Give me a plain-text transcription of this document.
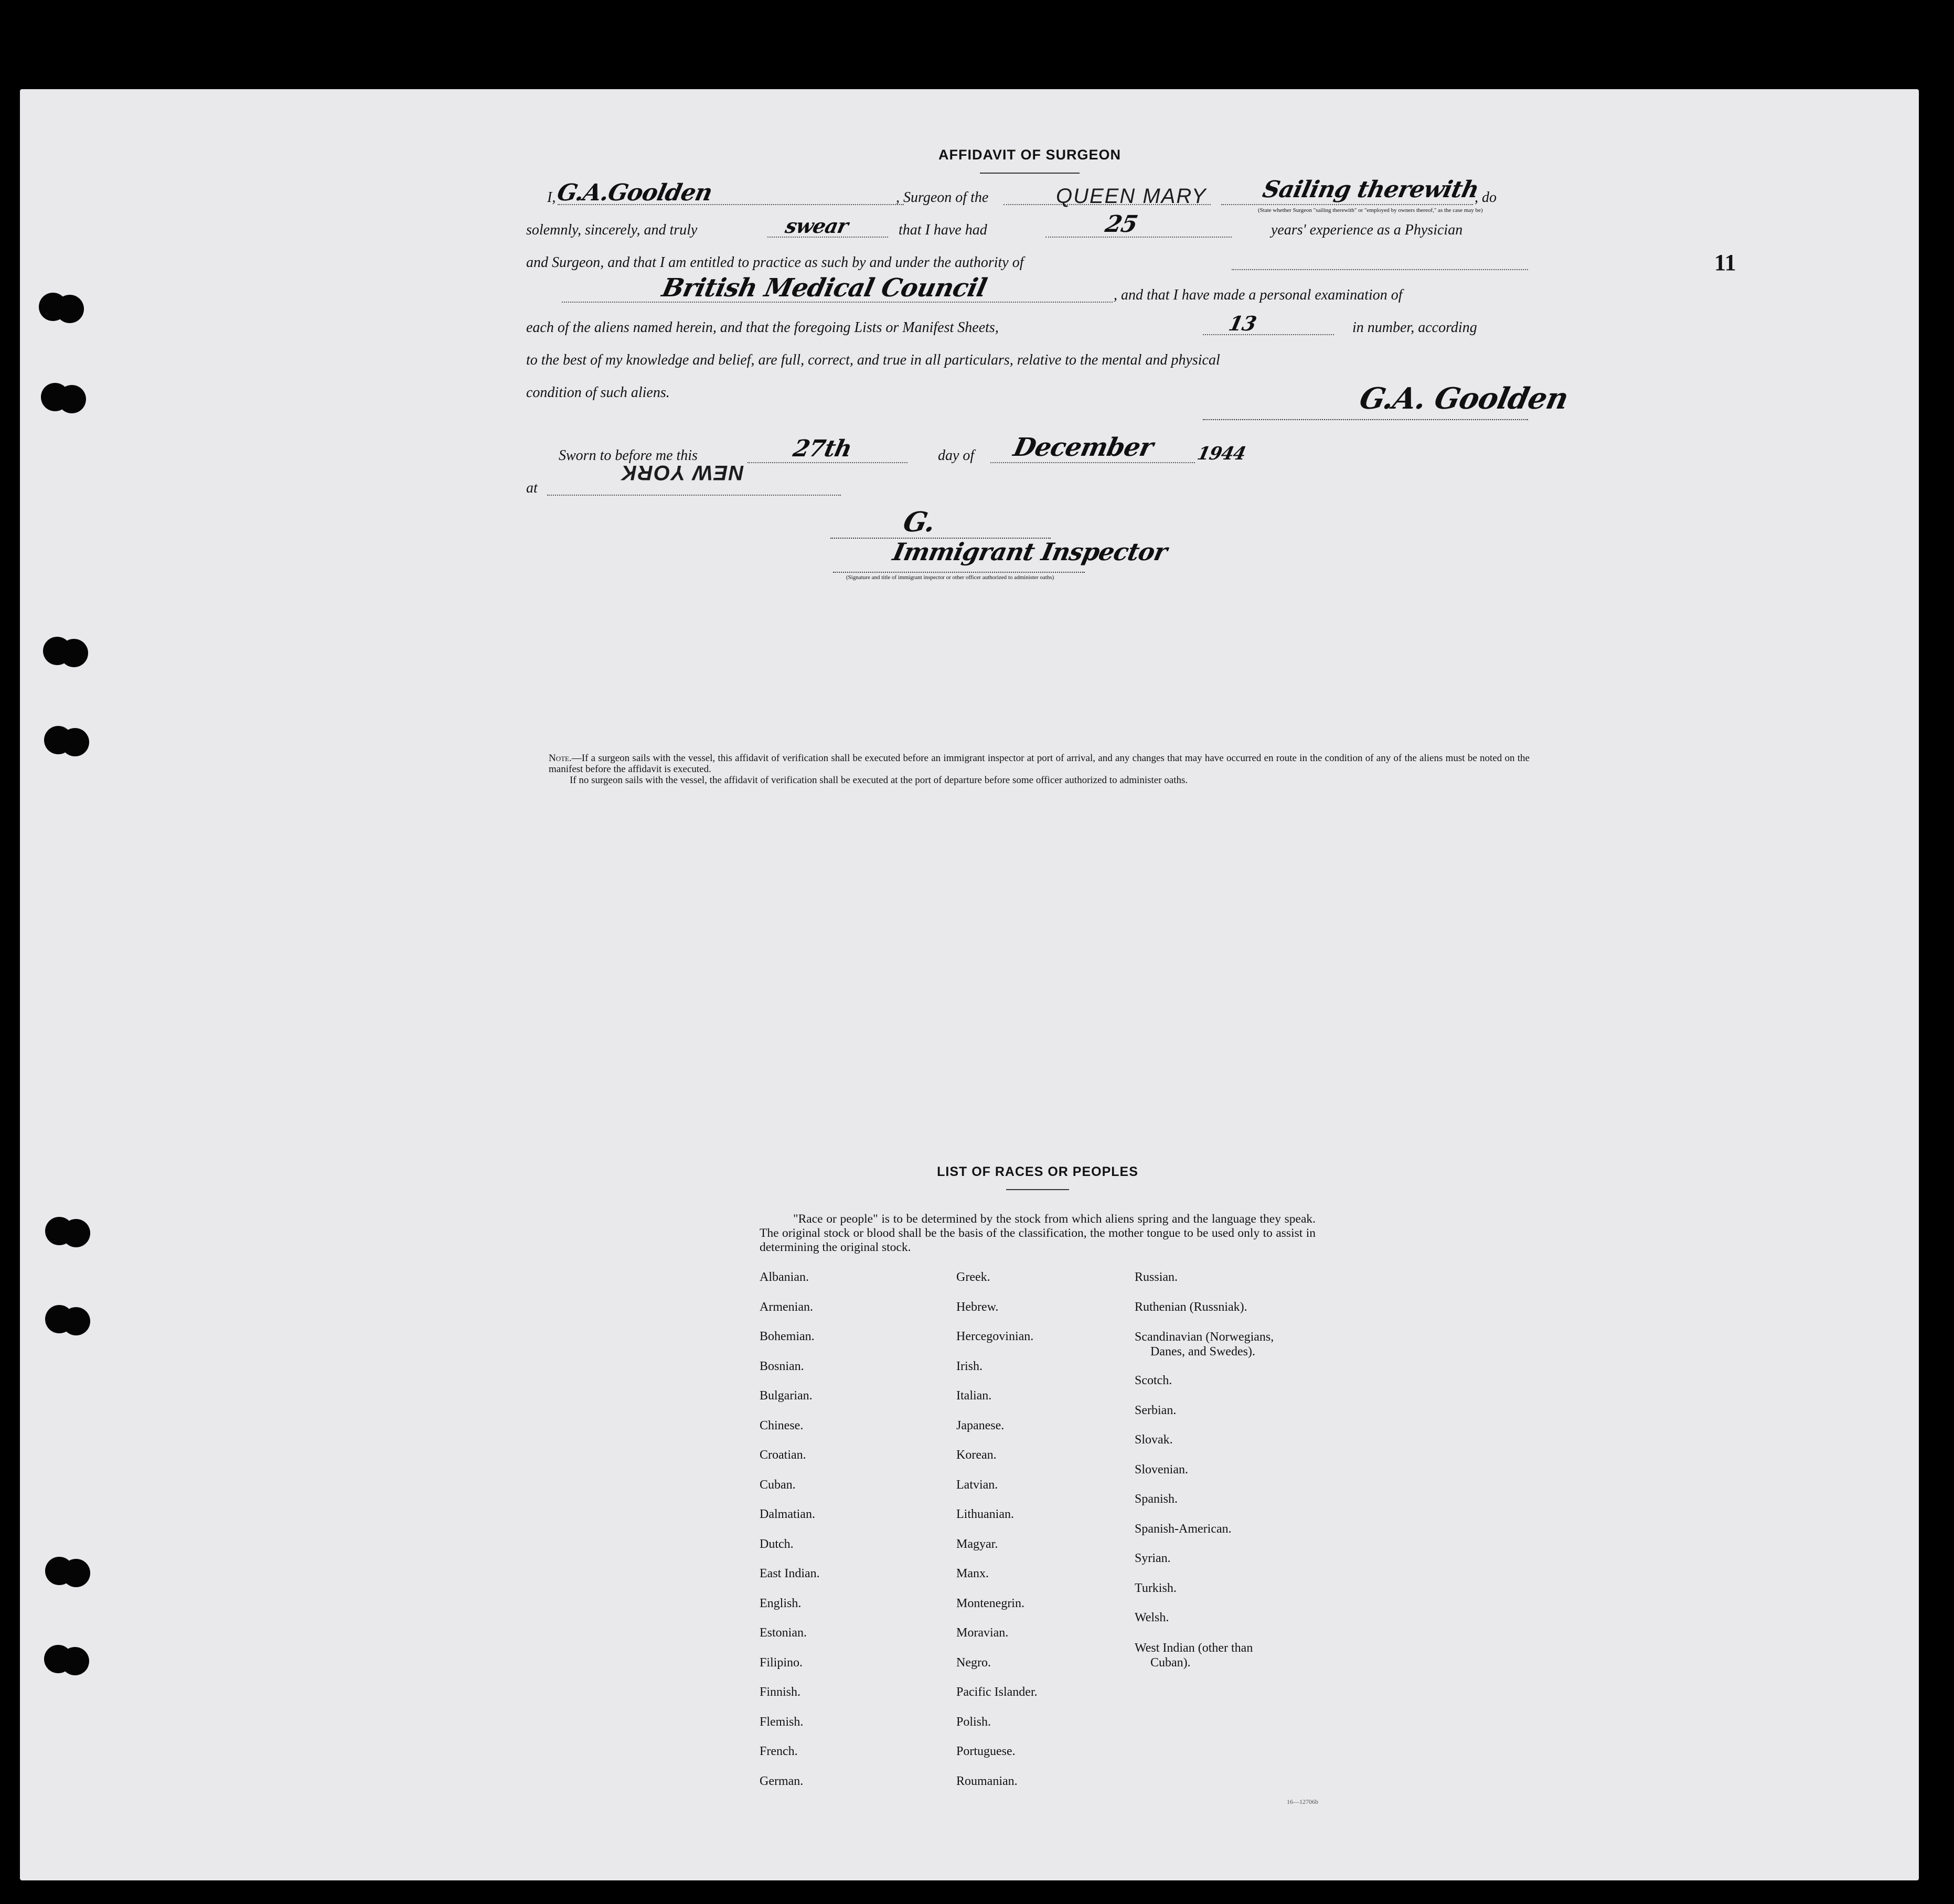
11
AFFIDAVIT OF SURGEON
I,
G.A.Goolden	, Surgeon of the	QUEEN MARY Sailing therewith
, do
(State whether Surgeon "sailing therewith" or "employed by owners thereof," as the case may be)
solemnly, sincerely, and truly	swear	that I have had	25	years' experience as a Physician
and Surgeon, and that I am entitled to practice as such by and under the authority of
British Medical Council	, and that I have made a personal examination of
each of the aliens named herein, and that the foregoing Lists or Manifest Sheets,	13	in number, according
to the best of my knowledge and belief, are full, correct, and true in all particulars, relative to the mental and physical
condition of such aliens.	G.A. Goolden
Sworn to before me this	27th	day of December 1944
at
NEW YORK
G.
Immigrant Inspector
(Signature and title of immigrant inspector or other officer authorized to administer oaths)
Note.—If a surgeon sails with the vessel, this affidavit of verification shall be executed before an immigrant inspector at port of arrival, and any changes that may have occurred en route in the condition of any of the aliens must be noted on the manifest before the affidavit is executed.
If no surgeon sails with the vessel, the affidavit of verification shall be executed at the port of departure before some officer authorized to administer oaths.
LIST OF RACES OR PEOPLES
"Race or people" is to be determined by the stock from which aliens spring and the language they speak. The original stock or blood shall be the basis of the classification, the mother tongue to be used only to assist in determining the original stock.
Albanian.
Armenian.
Bohemian.
Bosnian.
Bulgarian.
Chinese.
Croatian.
Cuban.
Dalmatian.
Dutch.
East Indian.
English.
Estonian.
Filipino.
Finnish.
Flemish.
French.
German.
Greek.
Hebrew.
Hercegovinian.
Irish.
Italian.
Japanese.
Korean.
Latvian.
Lithuanian.
Magyar.
Manx.
Montenegrin.
Moravian.
Negro.
Pacific Islander.
Polish.
Portuguese.
Roumanian.
Russian.
Ruthenian (Russniak).
Scandinavian (Norwegians,
Danes, and Swedes).
Scotch.
Serbian.
Slovak.
Slovenian.
Spanish.
Spanish-American.
Syrian.
Turkish.
Welsh.
West Indian (other than
Cuban).
16—12706b
